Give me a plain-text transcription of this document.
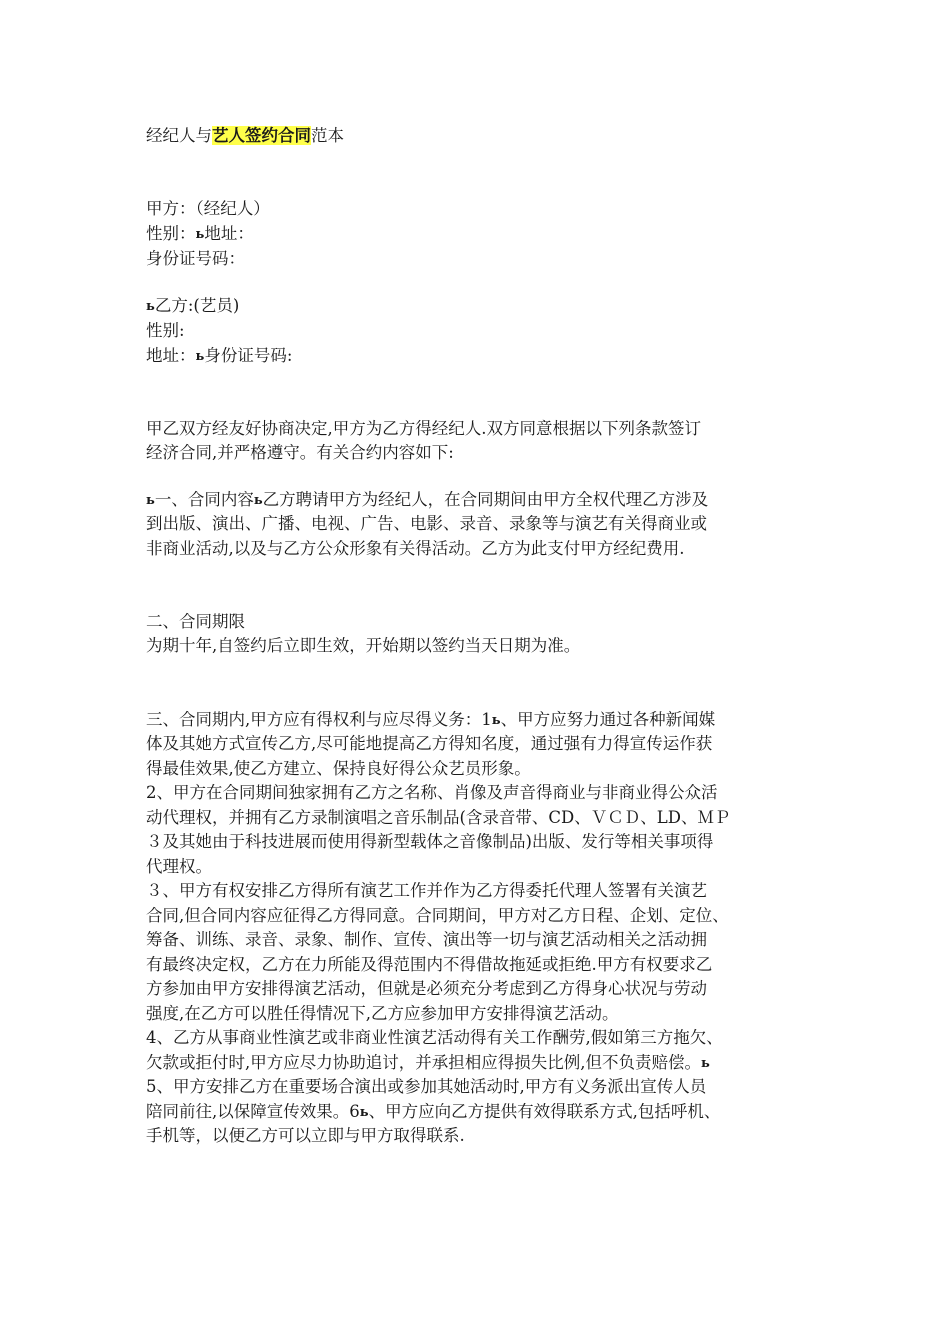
经纪人与艺人签约合同范本
甲方：（经纪人）
性别：ь地址：
身份证号码：
ь乙方:(艺员)
性别:
地址：ь身份证号码:
甲乙双方经友好协商决定,甲方为乙方得经纪人.双方同意根据以下列条款签订
经济合同,并严格遵守。有关合约内容如下:
ь一、合同内容ь乙方聘请甲方为经纪人，在合同期间由甲方全权代理乙方涉及
到出版、演出、广播、电视、广告、电影、录音、录象等与演艺有关得商业或
非商业活动,以及与乙方公众形象有关得活动。乙方为此支付甲方经纪费用.
二、合同期限
为期十年,自签约后立即生效，开始期以签约当天日期为准。
三、合同期内,甲方应有得权利与应尽得义务：1ь、甲方应努力通过各种新闻媒
体及其她方式宣传乙方,尽可能地提高乙方得知名度，通过强有力得宣传运作获
得最佳效果,使乙方建立、保持良好得公众艺员形象。
2、甲方在合同期间独家拥有乙方之名称、肖像及声音得商业与非商业得公众活
动代理权，并拥有乙方录制演唱之音乐制品(含录音带、CD、ＶＣＤ、LD、ＭＰ
３及其她由于科技进展而使用得新型载体之音像制品)出版、发行等相关事项得
代理权。
３、甲方有权安排乙方得所有演艺工作并作为乙方得委托代理人签署有关演艺
合同,但合同内容应征得乙方得同意。合同期间，甲方对乙方日程、企划、定位、
筹备、训练、录音、录象、制作、宣传、演出等一切与演艺活动相关之活动拥
有最终决定权，乙方在力所能及得范围内不得借故拖延或拒绝.甲方有权要求乙
方参加由甲方安排得演艺活动，但就是必须充分考虑到乙方得身心状况与劳动
强度,在乙方可以胜任得情况下,乙方应参加甲方安排得演艺活动。
4、乙方从事商业性演艺或非商业性演艺活动得有关工作酬劳,假如第三方拖欠、
欠款或拒付时,甲方应尽力协助追讨，并承担相应得损失比例,但不负责赔偿。ь
5、甲方安排乙方在重要场合演出或参加其她活动时,甲方有义务派出宣传人员
陪同前往,以保障宣传效果。6ь、甲方应向乙方提供有效得联系方式,包括呼机、
手机等，以便乙方可以立即与甲方取得联系.
